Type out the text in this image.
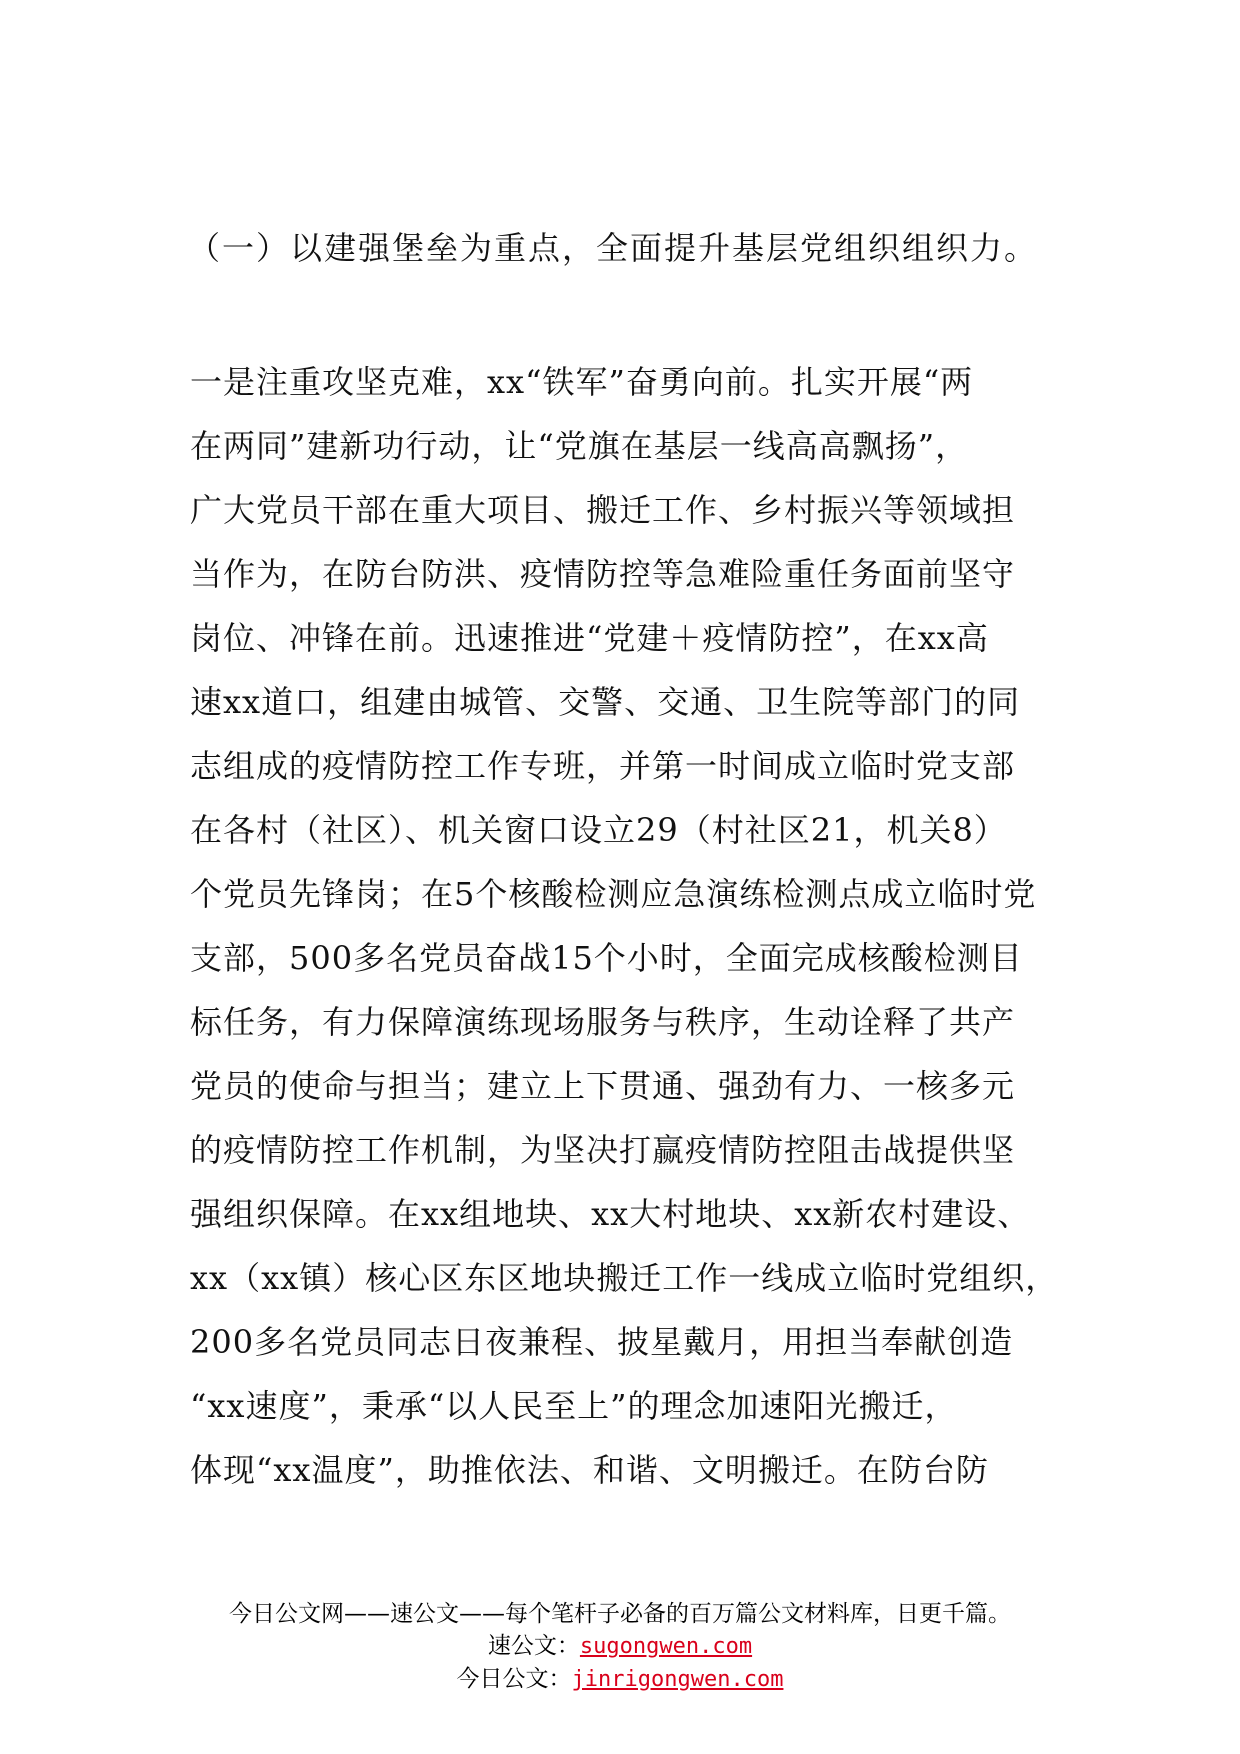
（一）以建强堡垒为重点，全面提升基层党组织组织力。
一是注重攻坚克难，xx“铁军”奋勇向前。扎实开展“两
在两同”建新功行动，让“党旗在基层一线高高飘扬”，
广大党员干部在重大项目、搬迁工作、乡村振兴等领域担
当作为，在防台防洪、疫情防控等急难险重任务面前坚守
岗位、冲锋在前。迅速推进“党建＋疫情防控”，在xx高
速xx道口，组建由城管、交警、交通、卫生院等部门的同
志组成的疫情防控工作专班，并第一时间成立临时党支部
在各村（社区）、机关窗口设立29（村社区21，机关8）
个党员先锋岗；在5个核酸检测应急演练检测点成立临时党
支部，500多名党员奋战15个小时，全面完成核酸检测目
标任务，有力保障演练现场服务与秩序，生动诠释了共产
党员的使命与担当；建立上下贯通、强劲有力、一核多元
的疫情防控工作机制，为坚决打赢疫情防控阻击战提供坚
强组织保障。在xx组地块、xx大村地块、xx新农村建设、
xx（xx镇）核心区东区地块搬迁工作一线成立临时党组织，
200多名党员同志日夜兼程、披星戴月，用担当奉献创造
“xx速度”，秉承“以人民至上”的理念加速阳光搬迁，
体现“xx温度”，助推依法、和谐、文明搬迁。在防台防
今日公文网——速公文——每个笔杆子必备的百万篇公文材料库，日更千篇。
速公文：sugongwen.com
今日公文：jinrigongwen.com
